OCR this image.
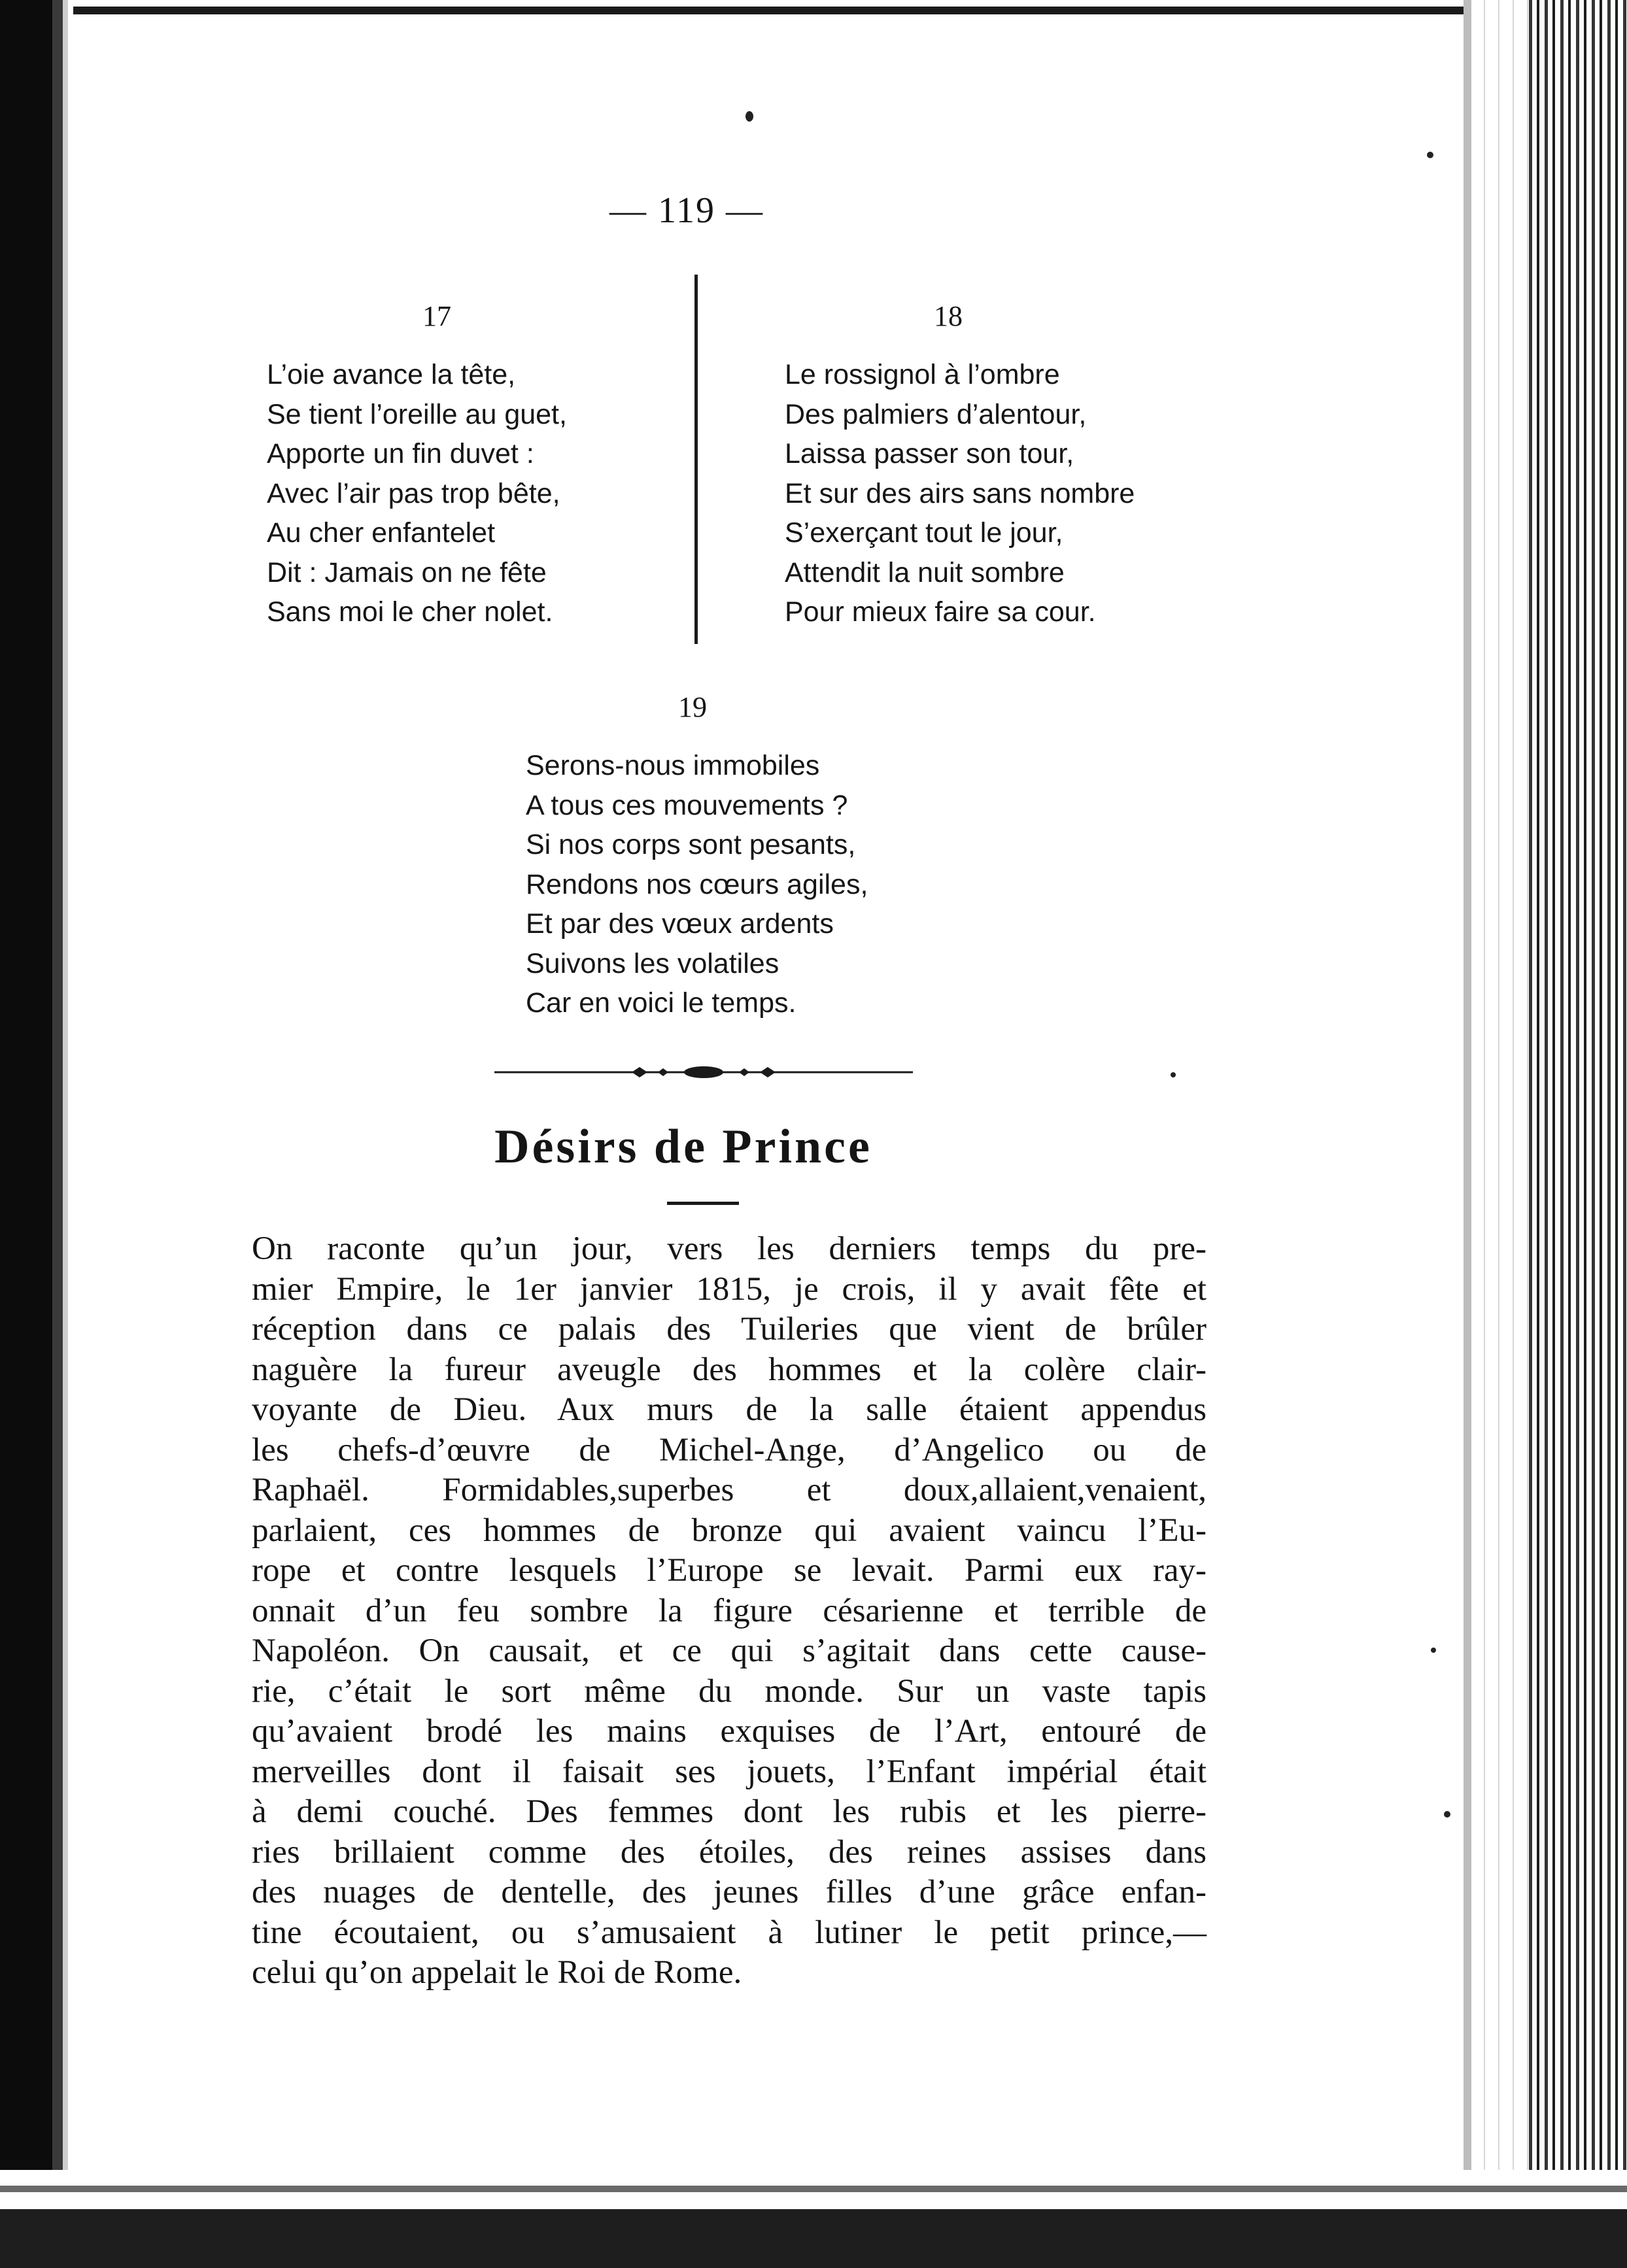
— 119 —
17
L’oie avance la tête,
Se tient l’oreille au guet,
Apporte un fin duvet :
Avec l’air pas trop bête,
Au cher enfantelet
Dit : Jamais on ne fête
Sans moi le cher nolet.
18
Le rossignol à l’ombre
Des palmiers d’alentour,
Laissa passer son tour,
Et sur des airs sans nombre
S’exerçant tout le jour,
Attendit la nuit sombre
Pour mieux faire sa cour.
19
Serons-nous immobiles
A tous ces mouvements ?
Si nos corps sont pesants,
Rendons nos cœurs agiles,
Et par des vœux ardents
Suivons les volatiles
Car en voici le temps.
Désirs de Prince
On raconte qu’un jour, vers les derniers temps du pre-
mier Empire, le 1er janvier 1815, je crois, il y avait fête et
réception dans ce palais des Tuileries que vient de brûler
naguère la fureur aveugle des hommes et la colère clair-
voyante de Dieu. Aux murs de la salle étaient appendus
les chefs-d’œuvre de Michel-Ange, d’Angelico ou de
Raphaël. Formidables,superbes et doux,allaient,venaient,
parlaient, ces hommes de bronze qui avaient vaincu l’Eu-
rope et contre lesquels l’Europe se levait. Parmi eux ray-
onnait d’un feu sombre la figure césarienne et terrible de
Napoléon. On causait, et ce qui s’agitait dans cette cause-
rie, c’était le sort même du monde. Sur un vaste tapis
qu’avaient brodé les mains exquises de l’Art, entouré de
merveilles dont il faisait ses jouets, l’Enfant impérial était
à demi couché. Des femmes dont les rubis et les pierre-
ries brillaient comme des étoiles, des reines assises dans
des nuages de dentelle, des jeunes filles d’une grâce enfan-
tine écoutaient, ou s’amusaient à lutiner le petit prince,—
celui qu’on appelait le Roi de Rome.
